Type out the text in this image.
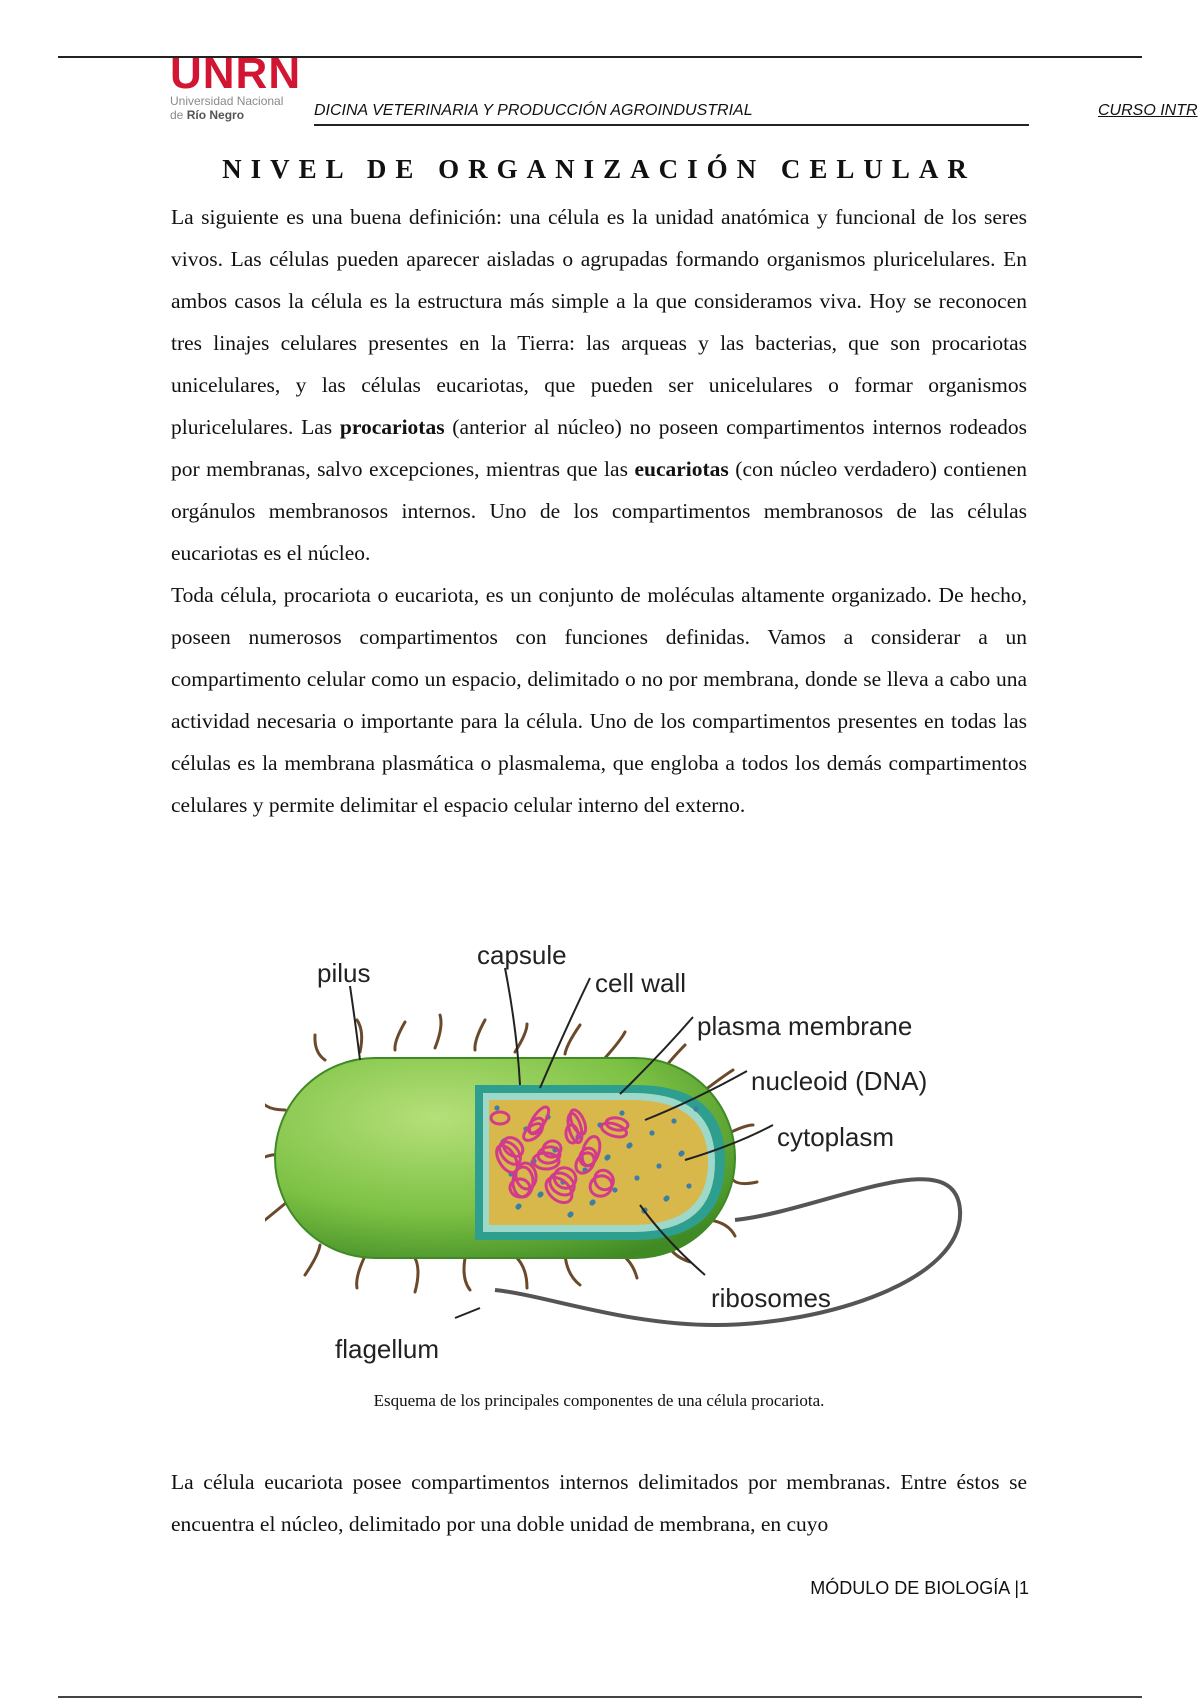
UNRN
Universidad Nacional
de Río Negro	DICINA VETERINARIA Y PRODUCCIÓN AGROINDUSTRIAL	CURSO INTR
NIVEL DE ORGANIZACIÓN CELULAR

La siguiente es una buena definición: una célula es la unidad anatómica y funcional de los seres vivos. Las células pueden aparecer aisladas o agrupadas formando organismos pluricelulares. En ambos casos la célula es la estructura más simple a la que consideramos viva. Hoy se reconocen tres linajes celulares presentes en la Tierra: las arqueas y las bacterias, que son procariotas unicelulares, y las células eucariotas, que pueden ser unicelulares o formar organismos pluricelulares. Las procariotas (anterior al núcleo) no poseen compartimentos internos rodeados por membranas, salvo excepciones, mientras que las eucariotas (con núcleo verdadero) contienen orgánulos membranosos internos. Uno de los compartimentos membranosos de las células eucariotas es el núcleo.

Toda célula, procariota o eucariota, es un conjunto de moléculas altamente organizado. De hecho, poseen numerosos compartimentos con funciones definidas. Vamos a considerar a un compartimento celular como un espacio, delimitado o no por membrana, donde se lleva a cabo una actividad necesaria o importante para la célula. Uno de los compartimentos presentes en todas las células es la membrana plasmática o plasmalema, que engloba a todos los demás compartimentos celulares y permite delimitar el espacio celular interno del externo.

pilus
capsule
cell wall
plasma membrane
nucleoid (DNA)
cytoplasm
ribosomes
flagellum
Esquema de los principales componentes de una célula procariota.

La célula eucariota posee compartimentos internos delimitados por membranas. Entre éstos se encuentra el núcleo, delimitado por una doble unidad de membrana, en cuyo

MÓDULO DE BIOLOGÍA |1
